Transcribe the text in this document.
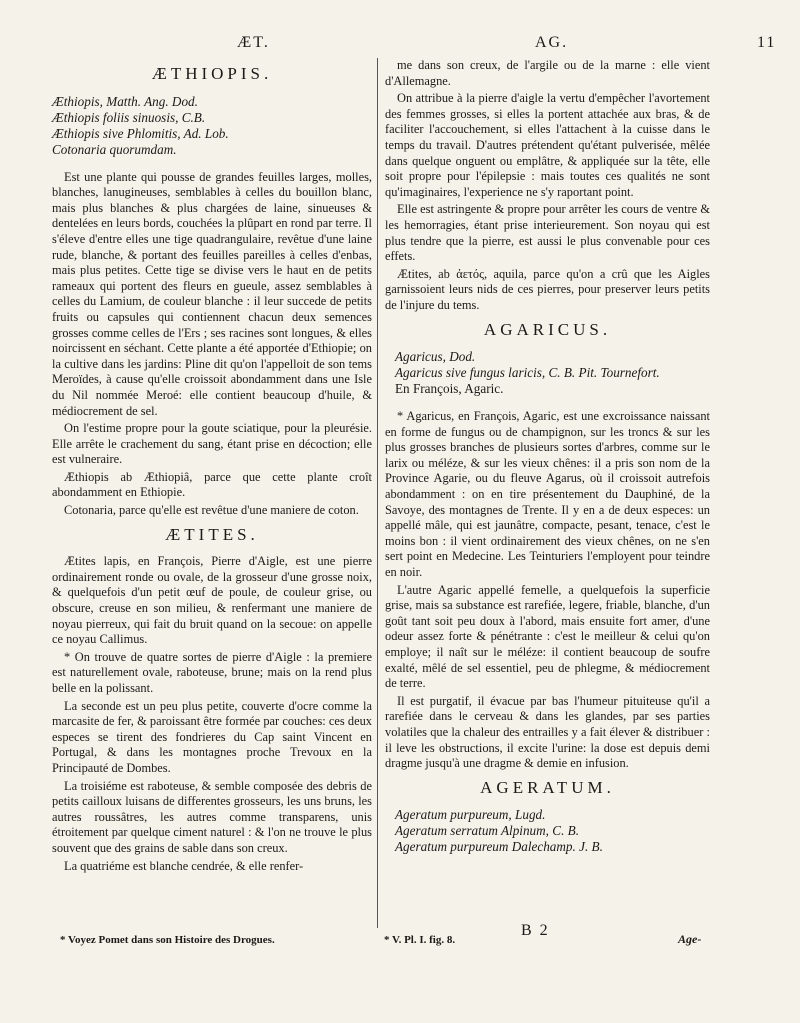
ÆT.	AG.	11
ÆTHIOPIS.
Æthiopis, Matth. Ang. Dod.
Æthiopis foliis sinuosis, C.B.
Æthiopis sive Phlomitis, Ad. Lob.
Cotonaria quorumdam.

Est une plante qui pousse de grandes feuilles larges, molles, blanches, lanugineuses, semblables à celles du bouillon blanc, mais plus blanches & plus chargées de laine, sinueuses & dentelées en leurs bords, couchées la plûpart en rond par terre. Il s'éleve d'entre elles une tige quadrangulaire, revêtue d'une laine rude, blanche, & portant des feuilles pareilles à celles d'enbas, mais plus petites. Cette tige se divise vers le haut en de petits rameaux qui portent des fleurs en gueule, assez semblables à celles du Lamium, de couleur blanche : il leur succede de petits fruits ou capsules qui contiennent chacun deux semences grosses comme celles de l'Ers ; ses racines sont longues, & elles noircissent en séchant. Cette plante a été apportée d'Ethiopie; on la cultive dans les jardins: Pline dit qu'on l'appelloit de son tems Meroïdes, à cause qu'elle croissoit abondamment dans une Isle du Nil nommée Meroé: elle contient beaucoup d'huile, & médiocrement de sel.

On l'estime propre pour la goute sciatique, pour la pleurésie. Elle arrête le crachement du sang, étant prise en décoction; elle est vulneraire.

Æthiopis ab Æthiopiâ, parce que cette plante croît abondamment en Ethiopie.

Cotonaria, parce qu'elle est revêtue d'une maniere de coton.

ÆTITES.

Ætites lapis, en François, Pierre d'Aigle, est une pierre ordinairement ronde ou ovale, de la grosseur d'une grosse noix, & quelquefois d'un petit œuf de poule, de couleur grise, ou obscure, creuse en son milieu, & renfermant une maniere de noyau pierreux, qui fait du bruit quand on la secoue: on appelle ce noyau Callimus.

* On trouve de quatre sortes de pierre d'Aigle : la premiere est naturellement ovale, raboteuse, brune; mais on la rend plus belle en la polissant.

La seconde est un peu plus petite, couverte d'ocre comme la marcasite de fer, & paroissant être formée par couches: ces deux especes se tirent des fondrieres du Cap saint Vincent en Portugal, & dans les montagnes proche Trevoux en la Principauté de Dombes.

La troisiéme est raboteuse, & semble composée des debris de petits cailloux luisans de differentes grosseurs, les uns bruns, les autres roussâtres, les autres comme transparens, unis étroitement par quelque ciment naturel : & l'on ne trouve le plus souvent que des grains de sable dans son creux.

La quatriéme est blanche cendrée, & elle renfer-

me dans son creux, de l'argile ou de la marne : elle vient d'Allemagne.

On attribue à la pierre d'aigle la vertu d'empêcher l'avortement des femmes grosses, si elles la portent attachée aux bras, & de faciliter l'accouchement, si elles l'attachent à la cuisse dans le temps du travail. D'autres prétendent qu'étant pulverisée, mêlée dans quelque onguent ou emplâtre, & appliquée sur la tête, elle soit propre pour l'épilepsie : mais toutes ces qualités ne sont qu'imaginaires, l'experience ne s'y raportant point.

Elle est astringente & propre pour arrêter les cours de ventre & les hemorragies, étant prise interieurement. Son noyau qui est plus tendre que la pierre, est aussi le plus convenable pour ces effets.

Ætites, ab ἀετός, aquila, parce qu'on a crû que les Aigles garnissoient leurs nids de ces pierres, pour preserver leurs petits de l'injure du tems.

AGARICUS.
Agaricus, Dod.
Agaricus sive fungus laricis, C. B. Pit. Tournefort.
En François, Agaric.

* Agaricus, en François, Agaric, est une excroissance naissant en forme de fungus ou de champignon, sur les troncs & sur les plus grosses branches de plusieurs sortes d'arbres, comme sur le larix ou méléze, & sur les vieux chênes: il a pris son nom de la Province Agarie, ou du fleuve Agarus, où il croissoit autrefois abondamment : on en tire présentement du Dauphiné, de la Savoye, des montagnes de Trente. Il y en a de deux especes: un appellé mâle, qui est jaunâtre, compacte, pesant, tenace, c'est le moins bon : il vient ordinairement des vieux chênes, on ne s'en sert point en Medecine. Les Teinturiers l'employent pour teindre en noir.

L'autre Agaric appellé femelle, a quelquefois la superficie grise, mais sa substance est rarefiée, legere, friable, blanche, d'un goût tant soit peu doux à l'abord, mais ensuite fort amer, d'une odeur assez forte & pénétrante : c'est le meilleur & celui qu'on employe; il naît sur le méléze: il contient beaucoup de soufre exalté, mêlé de sel essentiel, peu de phlegme, & médiocrement de terre.

Il est purgatif, il évacue par bas l'humeur pituiteuse qu'il a rarefiée dans le cerveau & dans les glandes, par ses parties volatiles que la chaleur des entrailles y a fait élever & distribuer : il leve les obstructions, il excite l'urine: la dose est depuis demi dragme jusqu'à une dragme & demie en infusion.

AGERATUM.
Ageratum purpureum, Lugd.
Ageratum serratum Alpinum, C. B.
Ageratum purpureum Dalechamp. J. B.
* Voyez Pomet dans son Histoire des Drogues.	* V. Pl. I. fig. 8.
B 2	Age-
